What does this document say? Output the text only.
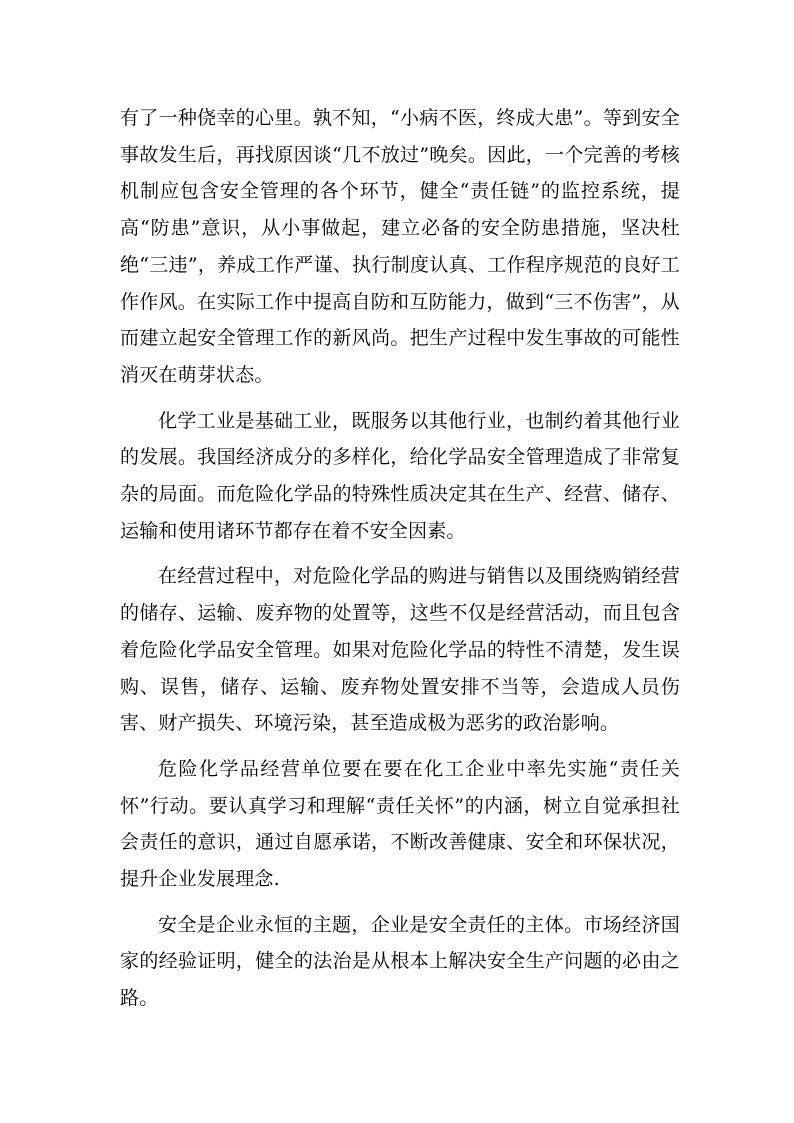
有了一种侥幸的心里。孰不知，“小病不医，终成大患”。等到安全事故发生后，再找原因谈“几不放过”晚矣。因此，一个完善的考核机制应包含安全管理的各个环节，健全“责任链”的监控系统，提高“防患”意识，从小事做起，建立必备的安全防患措施，坚决杜绝“三违”，养成工作严谨、执行制度认真、工作程序规范的良好工作作风。在实际工作中提高自防和互防能力，做到“三不伤害”，从而建立起安全管理工作的新风尚。把生产过程中发生事故的可能性消灭在萌芽状态。

化学工业是基础工业，既服务以其他行业，也制约着其他行业的发展。我国经济成分的多样化，给化学品安全管理造成了非常复杂的局面。而危险化学品的特殊性质决定其在生产、经营、储存、运输和使用诸环节都存在着不安全因素。

在经营过程中，对危险化学品的购进与销售以及围绕购销经营的储存、运输、废弃物的处置等，这些不仅是经营活动，而且包含着危险化学品安全管理。如果对危险化学品的特性不清楚，发生误购、误售，储存、运输、废弃物处置安排不当等，会造成人员伤害、财产损失、环境污染，甚至造成极为恶劣的政治影响。

危险化学品经营单位要在要在化工企业中率先实施“责任关怀”行动。要认真学习和理解“责任关怀”的内涵，树立自觉承担社会责任的意识，通过自愿承诺，不断改善健康、安全和环保状况，提升企业发展理念.

安全是企业永恒的主题，企业是安全责任的主体。市场经济国家的经验证明，健全的法治是从根本上解决安全生产问题的必由之路。
